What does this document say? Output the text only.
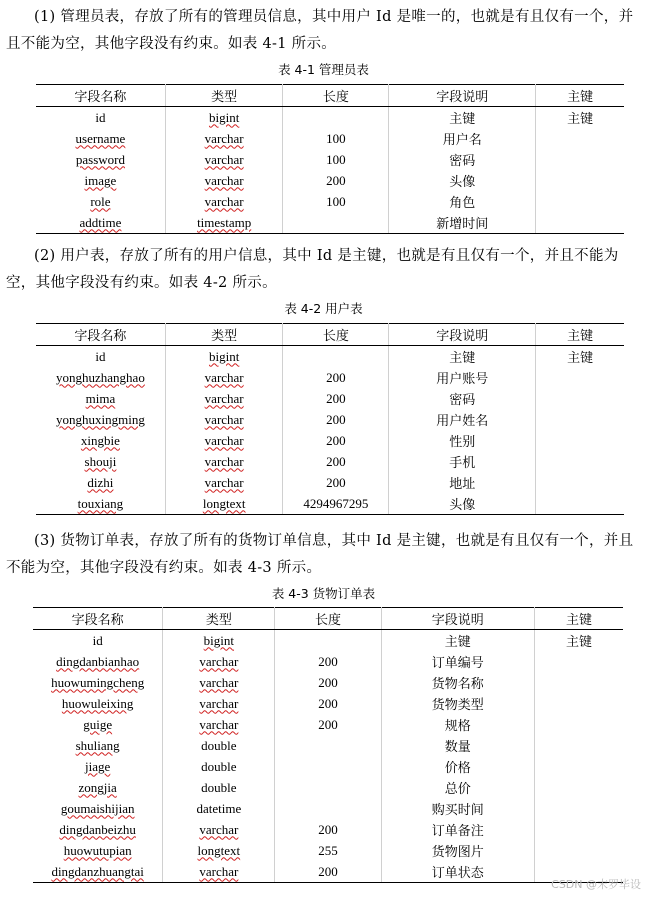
(1) 管理员表，存放了所有的管理员信息，其中用户 Id 是唯一的，也就是有且仅有一个，并且不能为空，其他字段没有约束。如表 4-1 所示。

表 4-1 管理员表
字段名称	类型	长度	字段说明	主键
id	bigint		主键	主键
username	varchar	100	用户名	
password	varchar	100	密码	
image	varchar	200	头像	
role	varchar	100	角色	
addtime	timestamp		新增时间	

(2) 用户表，存放了所有的用户信息，其中 Id 是主键，也就是有且仅有一个，并且不能为空，其他字段没有约束。如表 4-2 所示。

表 4-2 用户表
字段名称	类型	长度	字段说明	主键
id	bigint		主键	主键
yonghuzhanghao	varchar	200	用户账号	
mima	varchar	200	密码	
yonghuxingming	varchar	200	用户姓名	
xingbie	varchar	200	性别	
shouji	varchar	200	手机	
dizhi	varchar	200	地址	
touxiang	longtext	4294967295	头像	

(3) 货物订单表，存放了所有的货物订单信息，其中 Id 是主键，也就是有且仅有一个，并且不能为空，其他字段没有约束。如表 4-3 所示。

表 4-3 货物订单表
字段名称	类型	长度	字段说明	主键
id	bigint		主键	主键
dingdanbianhao	varchar	200	订单编号	
huowumingcheng	varchar	200	货物名称	
huowuleixing	varchar	200	货物类型	
guige	varchar	200	规格	
shuliang	double		数量	
jiage	double		价格	
zongjia	double		总价	
goumaishijian	datetime		购买时间	
dingdanbeizhu	varchar	200	订单备注	
huowutupian	longtext	255	货物图片	
dingdanzhuangtai	varchar	200	订单状态	
CSDN @末罗毕设
